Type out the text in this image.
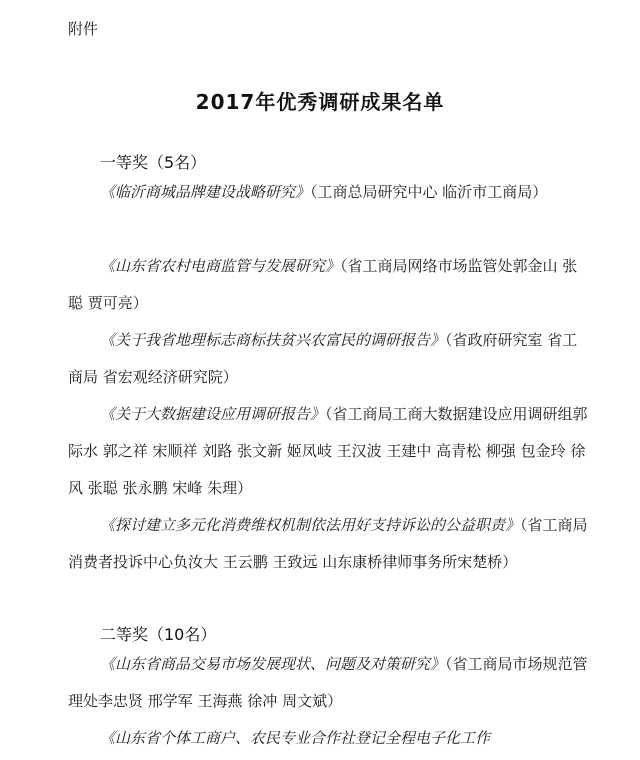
附件
2017年优秀调研成果名单
一等奖（5名）

《临沂商城品牌建设战略研究》（工商总局研究中心 临沂市工商局）

《山东省农村电商监管与发展研究》（省工商局网络市场监管处郭金山 张聪 贾可亮）

《关于我省地理标志商标扶贫兴农富民的调研报告》（省政府研究室 省工商局 省宏观经济研究院）

《关于大数据建设应用调研报告》（省工商局工商大数据建设应用调研组郭际水 郭之祥 宋顺祥 刘路 张文新 姬凤岐 王汉波 王建中 高青松 柳强 包金玲 徐风 张聪 张永鹏 宋峰 朱理）

《探讨建立多元化消费维权机制依法用好支持诉讼的公益职责》（省工商局消费者投诉中心负汝大 王云鹏 王致远 山东康桥律师事务所宋楚桥）

二等奖（10名）

《山东省商品交易市场发展现状、问题及对策研究》（省工商局市场规范管理处李忠贤 邢学军 王海燕 徐冲 周文斌）

《山东省个体工商户、农民专业合作社登记全程电子化工作
